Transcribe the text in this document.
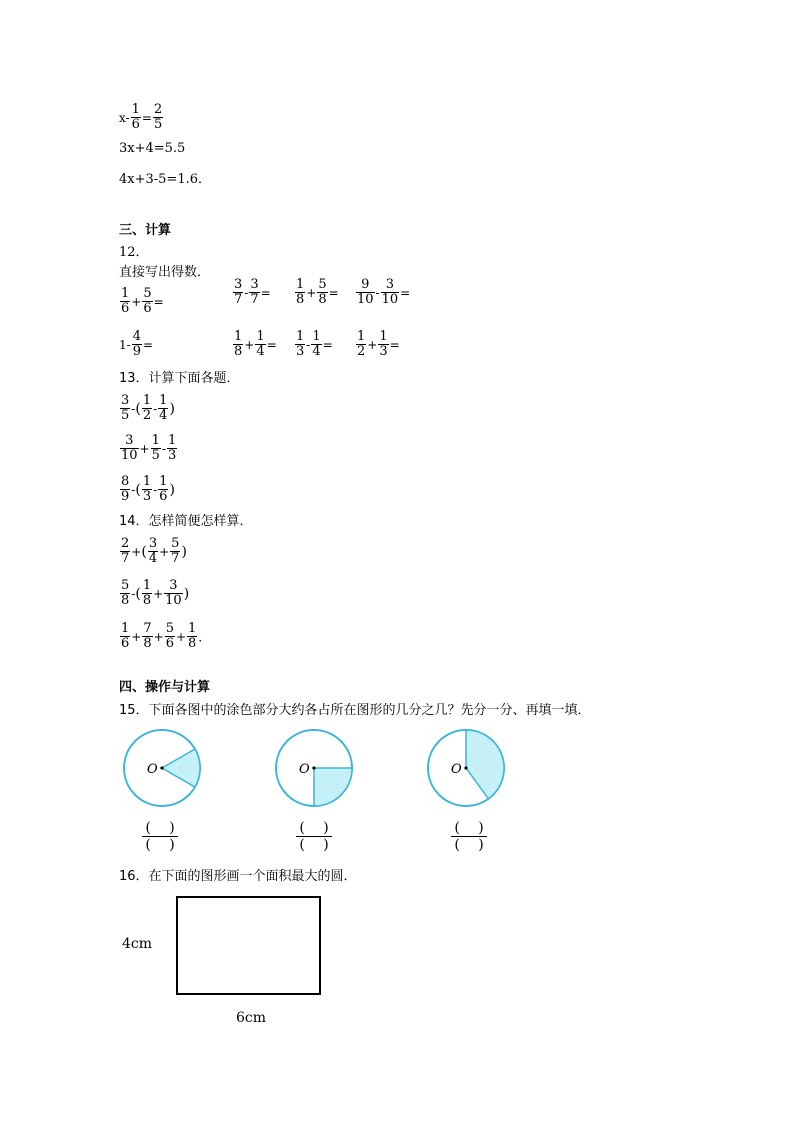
$x- \frac{1}{6} = \frac{2}{5}$
3x+4=5.5
4x+3-5=1.6．
三、计算
12．
直接写出得数．
$\frac{1}{6} + \frac{5}{6}$ =	$\frac{3}{7} - \frac{3}{7} = \frac{1}{8} + \frac{5}{8} = \frac{9}{10} - \frac{3}{10}$ =
$1- \frac{4}{9}$ =	$\frac{1}{8} + \frac{1}{4} = \frac{1}{3} - \frac{1}{4} = \frac{1}{2} + \frac{1}{3}$ =
13．计算下面各题．
$\frac{3}{5}$ -( $\frac{1}{2} - \frac{1}{4}$ )
$\frac{3}{10} + \frac{1}{5} - \frac{1}{3}$
$\frac{8}{9}$ -( $\frac{1}{3} - \frac{1}{6}$ )
14．怎样简便怎样算．
$\frac{2}{7}$ +( $\frac{3}{4} + \frac{5}{7}$ )
$\frac{5}{8}$ -( $\frac{1}{8} + \frac{3}{10}$ )
$\frac{1}{6} + \frac{7}{8} + \frac{5}{6} + \frac{1}{8}$ ．
四、操作与计算
15．下面各图中的涂色部分大约各占所在图形的几分之几？先分一分、再填一填．
O	O	O
(　 )
(　 )
(　 )
(　 )
(　 )
(　 )
16．在下面的图形画一个面积最大的圆．
4cm
6cm
